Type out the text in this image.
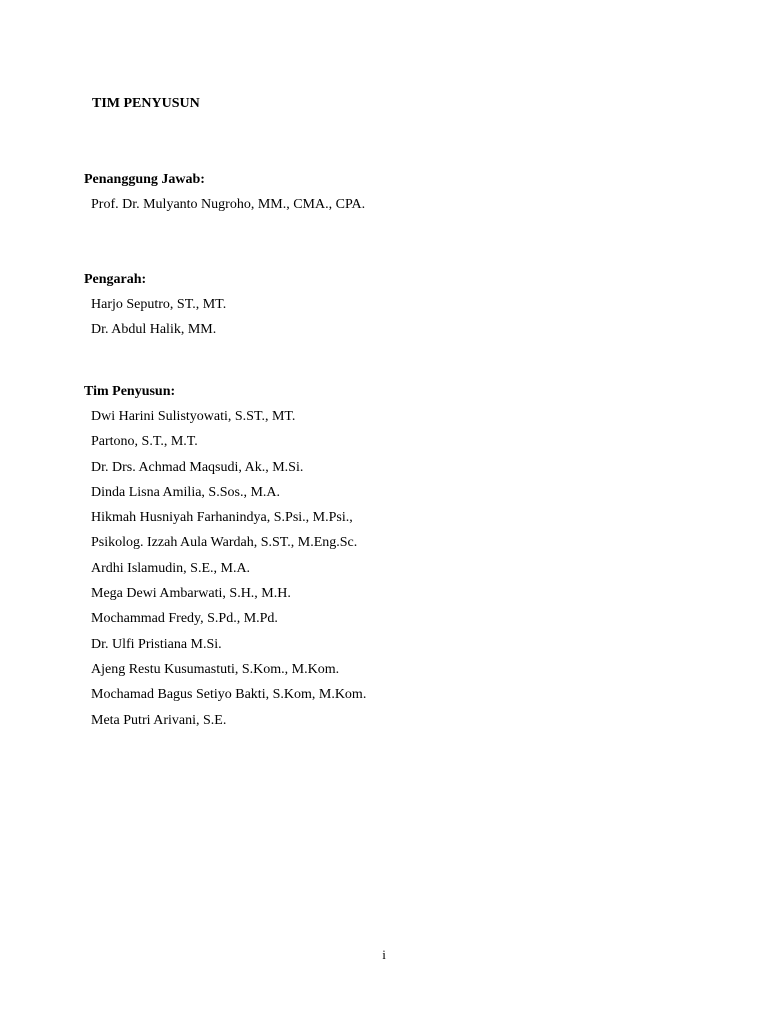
TIM PENYUSUN
Penanggung Jawab:
Prof. Dr. Mulyanto Nugroho, MM., CMA., CPA.
Pengarah:
Harjo Seputro, ST., MT.
Dr. Abdul Halik, MM.
Tim Penyusun:
Dwi Harini Sulistyowati, S.ST., MT.
Partono, S.T., M.T.
Dr. Drs. Achmad Maqsudi, Ak., M.Si.
Dinda Lisna Amilia, S.Sos., M.A.
Hikmah Husniyah Farhanindya, S.Psi., M.Psi.,
Psikolog. Izzah Aula Wardah, S.ST., M.Eng.Sc.
Ardhi Islamudin, S.E., M.A.
Mega Dewi Ambarwati, S.H., M.H.
Mochammad Fredy, S.Pd., M.Pd.
Dr. Ulfi Pristiana M.Si.
Ajeng Restu Kusumastuti, S.Kom., M.Kom.
Mochamad Bagus Setiyo Bakti, S.Kom, M.Kom.
Meta Putri Arivani, S.E.
i
